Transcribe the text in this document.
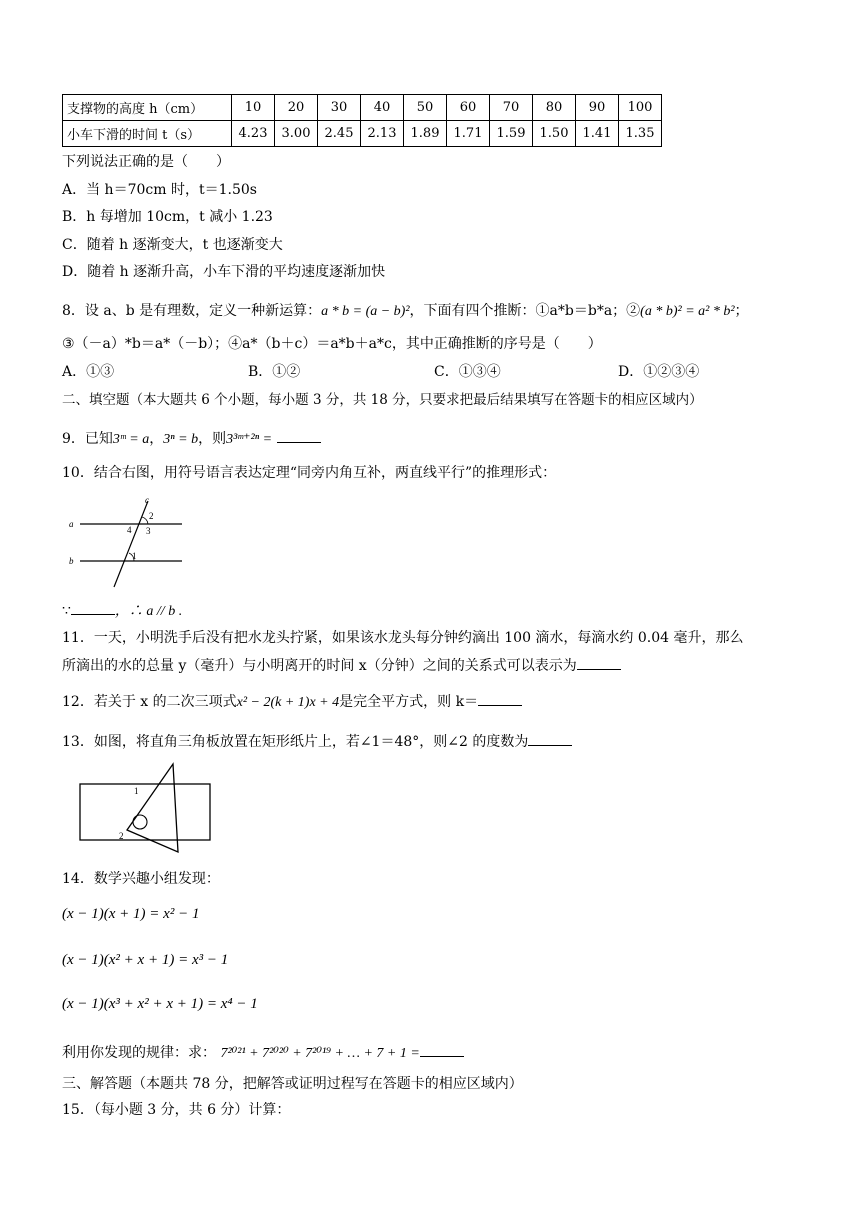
支撑物的高度 h（cm）	10	20	30	40	50	60	70	80	90	100
小车下滑的时间 t（s）	4.23	3.00	2.45	2.13	1.89	1.71	1.59	1.50	1.41	1.35
下列说法正确的是（　　）
A．当 h＝70cm 时，t＝1.50s
B．h 每增加 10cm，t 减小 1.23
C．随着 h 逐渐变大，t 也逐渐变大
D．随着 h 逐渐升高，小车下滑的平均速度逐渐加快
8．设 a、b 是有理数，定义一种新运算：a * b = (a − b)²，下面有四个推断：①a*b＝b*a；②(a * b)² = a² * b²；
③（－a）*b＝a*（－b）；④a*（b＋c）＝a*b＋a*c，其中正确推断的序号是（　　）
A．①③	B．①②	C．①③④	D．①②③④
二、填空题（本大题共 6 个小题，每小题 3 分，共 18 分，只要求把最后结果填写在答题卡的相应区域内）
9．已知3ᵐ = a，3ⁿ = b，则3³ᵐ⁺²ⁿ =
10．结合右图，用符号语言表达定理“同旁内角互补，两直线平行”的推理形式：
c
a
b	1
2
3
4
∵	，∴ a // b .
11．一天，小明洗手后没有把水龙头拧紧，如果该水龙头每分钟约滴出 100 滴水，每滴水约 0.04 毫升，那么
所滴出的水的总量 y（毫升）与小明离开的时间 x（分钟）之间的关系式可以表示为
12．若关于 x 的二次三项式x² − 2(k + 1)x + 4是完全平方式，则 k＝
13．如图，将直角三角板放置在矩形纸片上，若∠1＝48°，则∠2 的度数为
1
2
14．数学兴趣小组发现：
(x − 1)(x + 1) = x² − 1
(x − 1)(x² + x + 1) = x³ − 1
(x − 1)(x³ + x² + x + 1) = x⁴ − 1
利用你发现的规律：求： 7²⁰²¹ + 7²⁰²⁰ + 7²⁰¹⁹ + … + 7 + 1 =
三、解答题（本题共 78 分，把解答或证明过程写在答题卡的相应区域内）
15．（每小题 3 分，共 6 分）计算：
